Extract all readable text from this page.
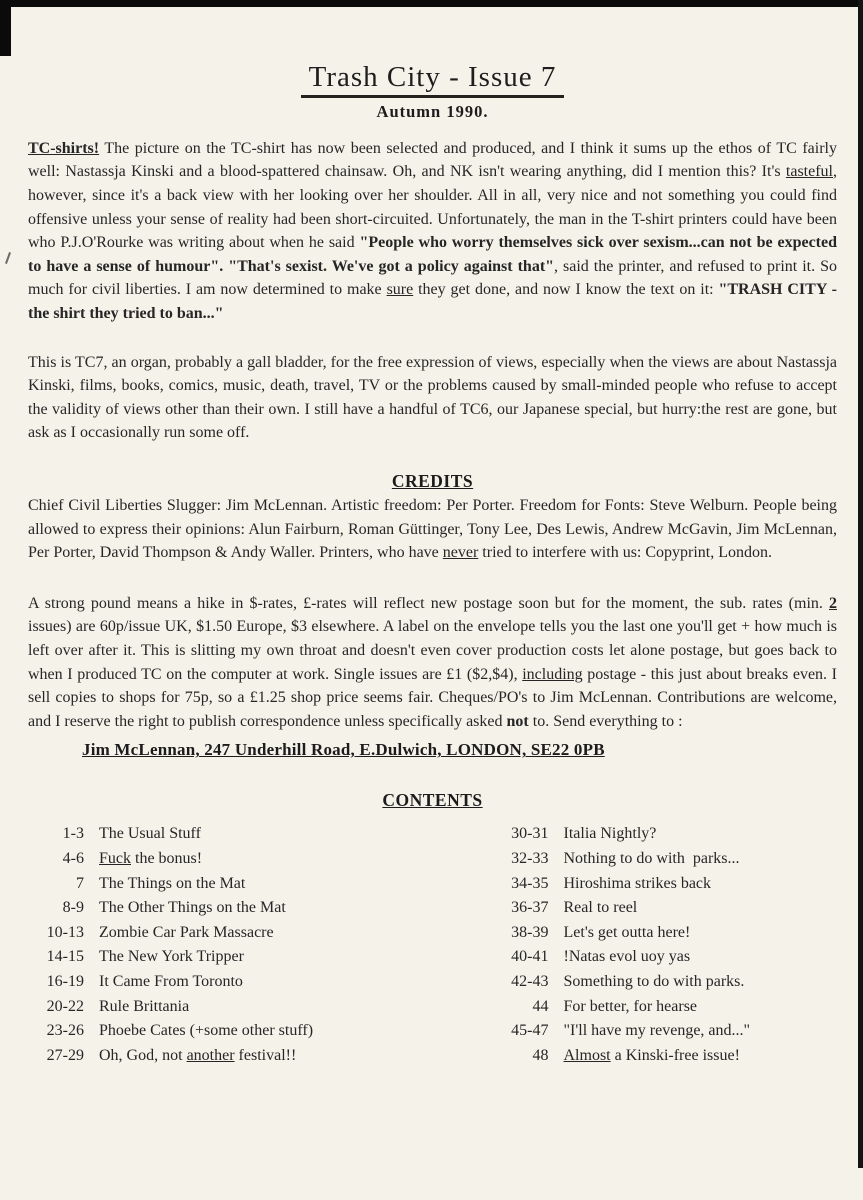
Trash City - Issue 7
Autumn 1990.

TC-shirts! The picture on the TC-shirt has now been selected and produced, and I think it sums up the ethos of TC fairly well: Nastassja Kinski and a blood-spattered chainsaw. Oh, and NK isn't wearing anything, did I mention this? It's tasteful, however, since it's a back view with her looking over her shoulder. All in all, very nice and not something you could find offensive unless your sense of reality had been short-circuited. Unfortunately, the man in the T-shirt printers could have been who P.J.O'Rourke was writing about when he said "People who worry themselves sick over sexism...can not be expected to have a sense of humour". "That's sexist. We've got a policy against that", said the printer, and refused to print it. So much for civil liberties. I am now determined to make sure they get done, and now I know the text on it: "TRASH CITY - the shirt they tried to ban..."

This is TC7, an organ, probably a gall bladder, for the free expression of views, especially when the views are about Nastassja Kinski, films, books, comics, music, death, travel, TV or the problems caused by small-minded people who refuse to accept the validity of views other than their own. I still have a handful of TC6, our Japanese special, but hurry:the rest are gone, but ask as I occasionally run some off.

CREDITS

Chief Civil Liberties Slugger: Jim McLennan. Artistic freedom: Per Porter. Freedom for Fonts: Steve Welburn. People being allowed to express their opinions: Alun Fairburn, Roman Güttinger, Tony Lee, Des Lewis, Andrew McGavin, Jim McLennan, Per Porter, David Thompson & Andy Waller. Printers, who have never tried to interfere with us: Copyprint, London.

A strong pound means a hike in $-rates, £-rates will reflect new postage soon but for the moment, the sub. rates (min. 2 issues) are 60p/issue UK, $1.50 Europe, $3 elsewhere. A label on the envelope tells you the last one you'll get + how much is left over after it. This is slitting my own throat and doesn't even cover production costs let alone postage, but goes back to when I produced TC on the computer at work. Single issues are £1 ($2,$4), including postage - this just about breaks even. I sell copies to shops for 75p, so a £1.25 shop price seems fair. Cheques/PO's to Jim McLennan. Contributions are welcome, and I reserve the right to publish correspondence unless specifically asked not to. Send everything to :

Jim McLennan, 247 Underhill Road, E.Dulwich, LONDON, SE22 0PB
CONTENTS
1-3 The Usual Stuff
4-6 Fuck the bonus!
7 The Things on the Mat
8-9 The Other Things on the Mat
10-13 Zombie Car Park Massacre
14-15 The New York Tripper
16-19 It Came From Toronto
20-22 Rule Brittania
23-26 Phoebe Cates (+some other stuff)
27-29 Oh, God, not another festival!!
30-31 Italia Nightly?
32-33 Nothing to do with  parks...
34-35 Hiroshima strikes back
36-37 Real to reel
38-39 Let's get outta here!
40-41 !Natas evol uoy yas
42-43 Something to do with parks.
44 For better, for hearse
45-47 "I'll have my revenge, and..."
48 Almost a Kinski-free issue!
